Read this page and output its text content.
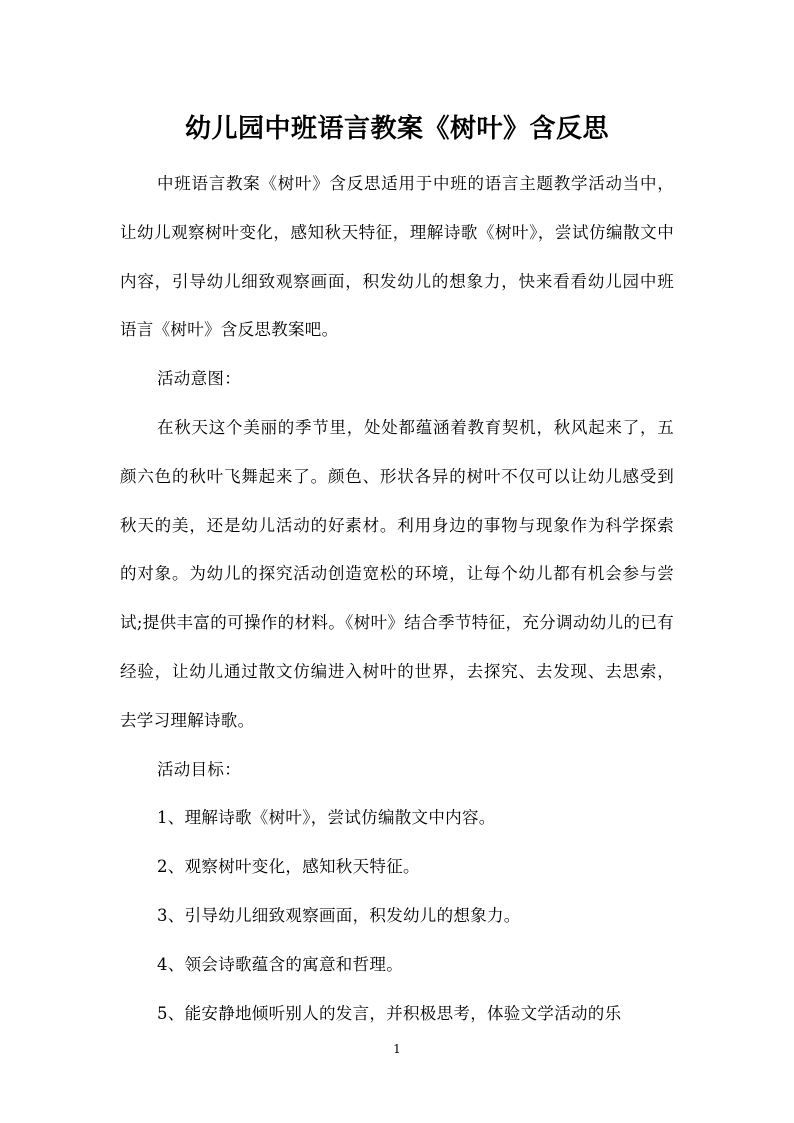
幼儿园中班语言教案《树叶》含反思

中班语言教案《树叶》含反思适用于中班的语言主题教学活动当中，让幼儿观察树叶变化，感知秋天特征，理解诗歌《树叶》，尝试仿编散文中内容，引导幼儿细致观察画面，积发幼儿的想象力，快来看看幼儿园中班语言《树叶》含反思教案吧。

活动意图：

在秋天这个美丽的季节里，处处都蕴涵着教育契机，秋风起来了，五颜六色的秋叶飞舞起来了。颜色、形状各异的树叶不仅可以让幼儿感受到秋天的美，还是幼儿活动的好素材。利用身边的事物与现象作为科学探索的对象。为幼儿的探究活动创造宽松的环境，让每个幼儿都有机会参与尝试;提供丰富的可操作的材料。《树叶》结合季节特征，充分调动幼儿的已有经验，让幼儿通过散文仿编进入树叶的世界，去探究、去发现、去思索，去学习理解诗歌。

活动目标：

1、理解诗歌《树叶》，尝试仿编散文中内容。

2、观察树叶变化，感知秋天特征。

3、引导幼儿细致观察画面，积发幼儿的想象力。

4、领会诗歌蕴含的寓意和哲理。

5、能安静地倾听别人的发言，并积极思考，体验文学活动的乐

1
